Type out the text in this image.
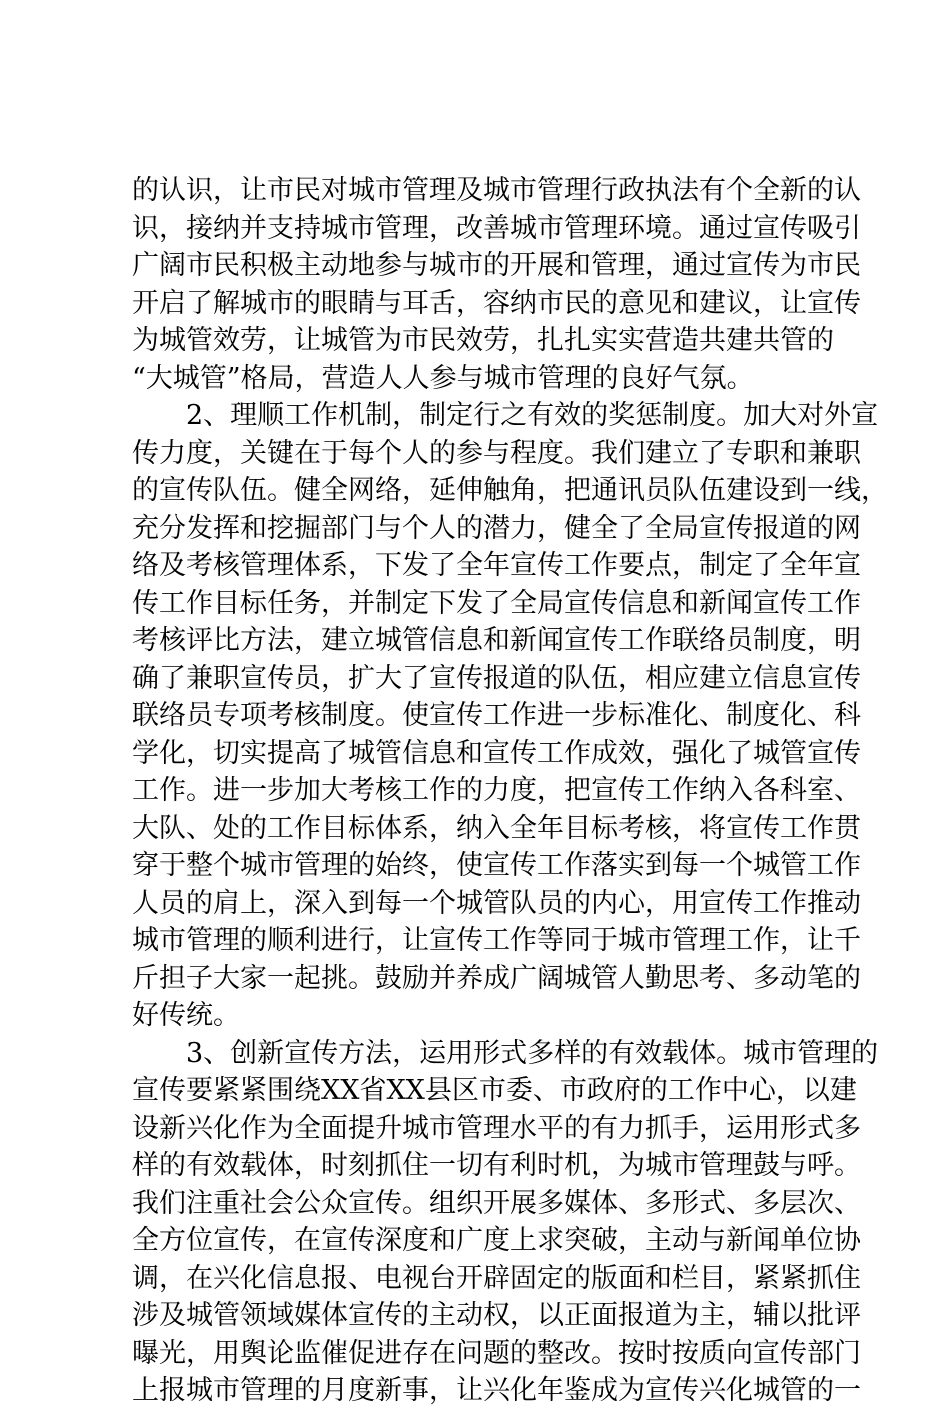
的认识，让市民对城市管理及城市管理行政执法有个全新的认
识，接纳并支持城市管理，改善城市管理环境。通过宣传吸引
广阔市民积极主动地参与城市的开展和管理，通过宣传为市民
开启了解城市的眼睛与耳舌，容纳市民的意见和建议，让宣传
为城管效劳，让城管为市民效劳，扎扎实实营造共建共管的
“大城管”格局，营造人人参与城市管理的良好气氛。
　　2、理顺工作机制，制定行之有效的奖惩制度。加大对外宣
传力度，关键在于每个人的参与程度。我们建立了专职和兼职
的宣传队伍。健全网络，延伸触角，把通讯员队伍建设到一线，
充分发挥和挖掘部门与个人的潜力，健全了全局宣传报道的网
络及考核管理体系，下发了全年宣传工作要点，制定了全年宣
传工作目标任务，并制定下发了全局宣传信息和新闻宣传工作
考核评比方法，建立城管信息和新闻宣传工作联络员制度，明
确了兼职宣传员，扩大了宣传报道的队伍，相应建立信息宣传
联络员专项考核制度。使宣传工作进一步标准化、制度化、科
学化，切实提高了城管信息和宣传工作成效，强化了城管宣传
工作。进一步加大考核工作的力度，把宣传工作纳入各科室、
大队、处的工作目标体系，纳入全年目标考核，将宣传工作贯
穿于整个城市管理的始终，使宣传工作落实到每一个城管工作
人员的肩上，深入到每一个城管队员的内心，用宣传工作推动
城市管理的顺利进行，让宣传工作等同于城市管理工作，让千
斤担子大家一起挑。鼓励并养成广阔城管人勤思考、多动笔的
好传统。
　　3、创新宣传方法，运用形式多样的有效载体。城市管理的
宣传要紧紧围绕XX省XX县区市委、市政府的工作中心，以建
设新兴化作为全面提升城市管理水平的有力抓手，运用形式多
样的有效载体，时刻抓住一切有利时机，为城市管理鼓与呼。
我们注重社会公众宣传。组织开展多媒体、多形式、多层次、
全方位宣传，在宣传深度和广度上求突破，主动与新闻单位协
调，在兴化信息报、电视台开辟固定的版面和栏目，紧紧抓住
涉及城管领域媒体宣传的主动权，以正面报道为主，辅以批评
曝光，用舆论监催促进存在问题的整改。按时按质向宣传部门
上报城市管理的月度新事，让兴化年鉴成为宣传兴化城管的一
